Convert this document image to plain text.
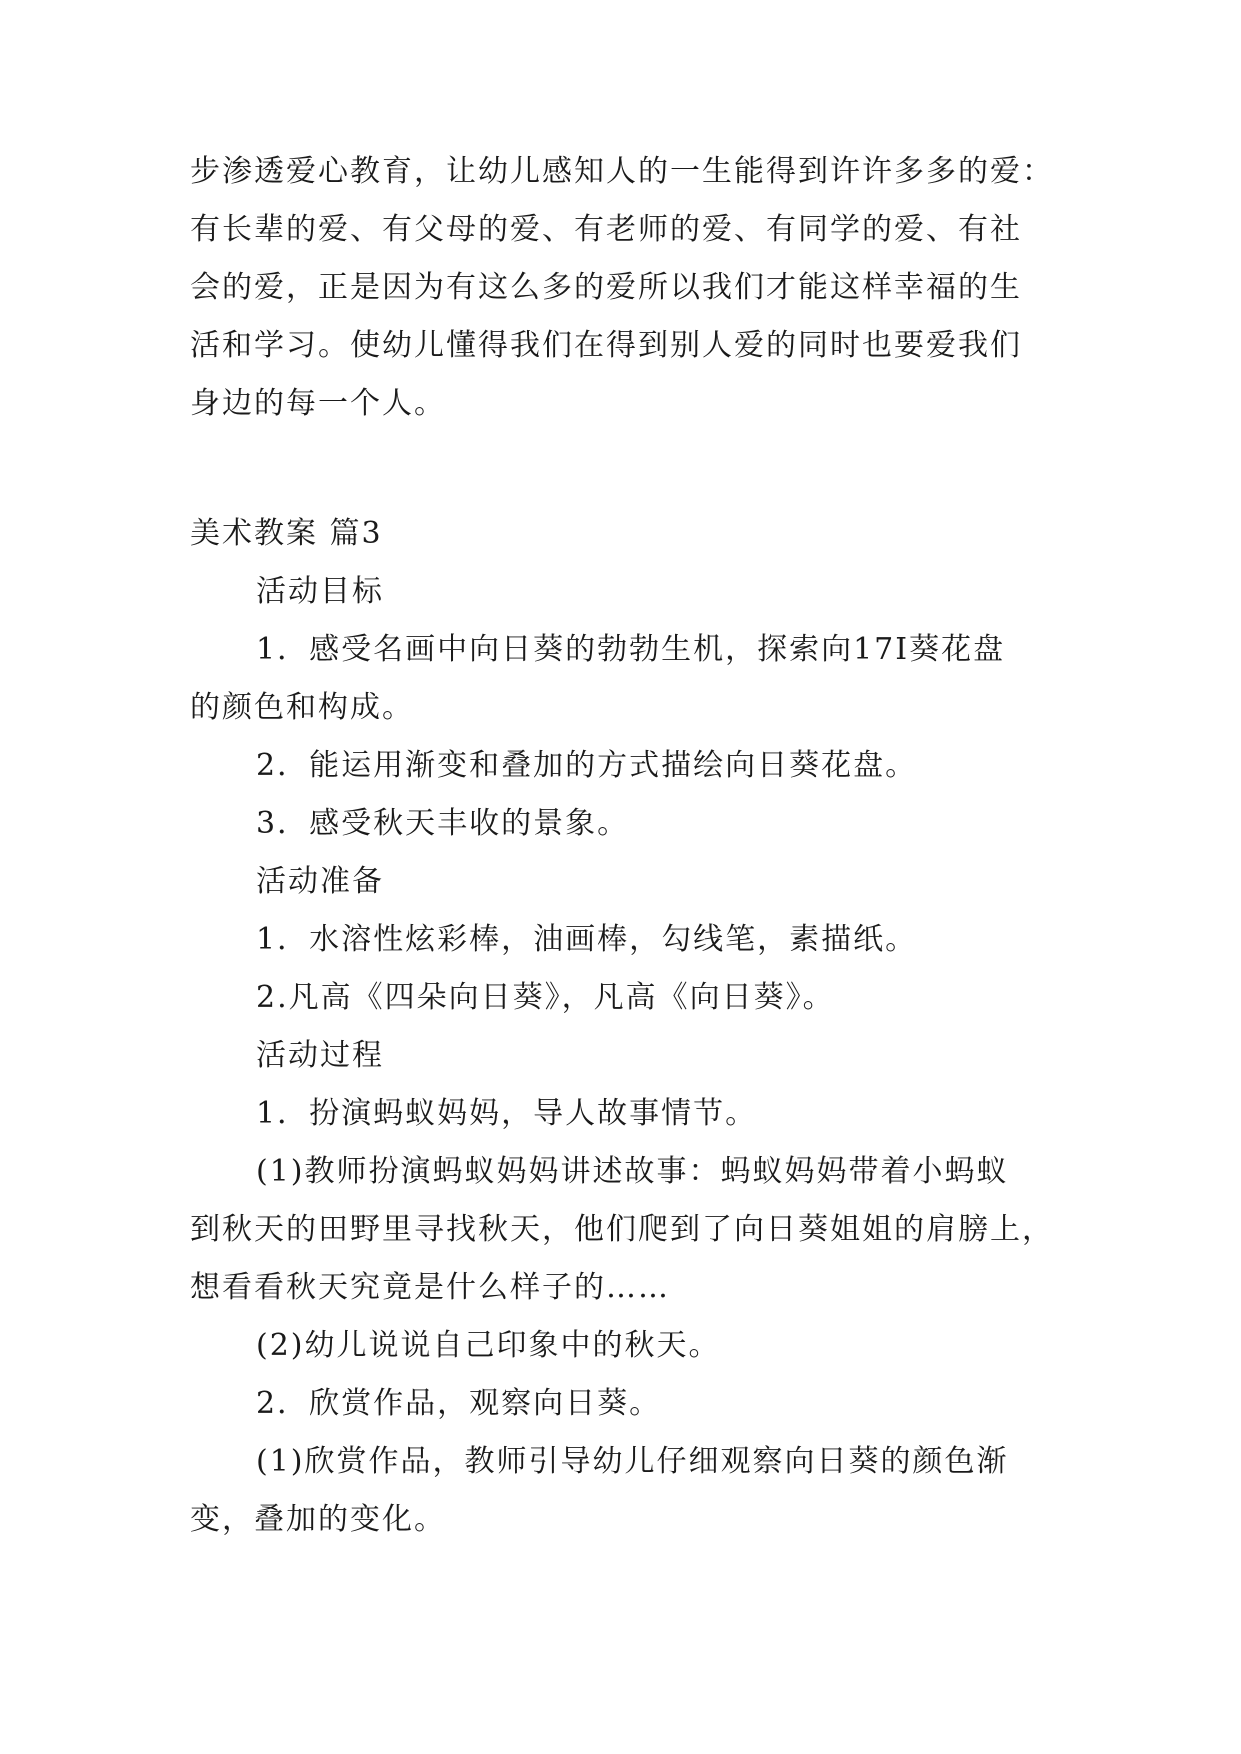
步渗透爱心教育，让幼儿感知人的一生能得到许许多多的爱：
有长辈的爱、有父母的爱、有老师的爱、有同学的爱、有社
会的爱，正是因为有这么多的爱所以我们才能这样幸福的生
活和学习。使幼儿懂得我们在得到别人爱的同时也要爱我们
身边的每一个人。
美术教案 篇3
活动目标
1．感受名画中向日葵的勃勃生机，探索向17I葵花盘
的颜色和构成。
2．能运用渐变和叠加的方式描绘向日葵花盘。
3．感受秋天丰收的景象。
活动准备
1．水溶性炫彩棒，油画棒，勾线笔，素描纸。
2.凡高《四朵向日葵》，凡高《向日葵》。
活动过程
1．扮演蚂蚁妈妈，导人故事情节。
(1)教师扮演蚂蚁妈妈讲述故事：蚂蚁妈妈带着小蚂蚁
到秋天的田野里寻找秋天，他们爬到了向日葵姐姐的肩膀上，
想看看秋天究竟是什么样子的……
(2)幼儿说说自己印象中的秋天。
2．欣赏作品，观察向日葵。
(1)欣赏作品，教师引导幼儿仔细观察向日葵的颜色渐
变，叠加的变化。
